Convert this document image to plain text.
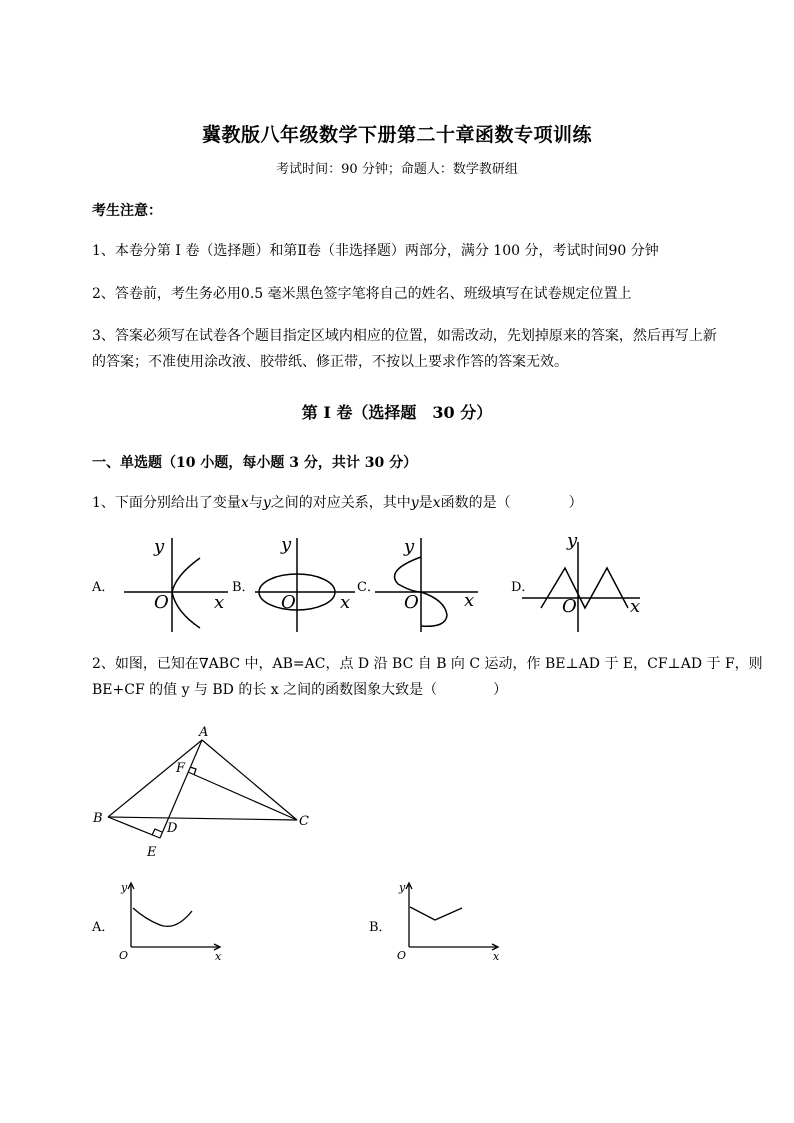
冀教版八年级数学下册第二十章函数专项训练
考试时间：90 分钟；命题人：数学教研组
考生注意：
1、本卷分第 I 卷（选择题）和第Ⅱ卷（非选择题）两部分，满分 100 分，考试时间90 分钟
2、答卷前，考生务必用0.5 毫米黑色签字笔将自己的姓名、班级填写在试卷规定位置上
3、答案必须写在试卷各个题目指定区域内相应的位置，如需改动，先划掉原来的答案，然后再写上新
的答案；不准使用涂改液、胶带纸、修正带，不按以上要求作答的答案无效。
第 I 卷（选择题　30 分）
一、单选题（10 小题，每小题 3 分，共计 30 分）
1、下面分别给出了变量x与y之间的对应关系，其中y是x函数的是（	）
A．	B．	C．	D．
y
x
O
y
x
O
y
x
O
y
x
O
2、如图，已知在∇ABC 中，AB=AC，点 D 沿 BC 自 B 向 C 运动，作 BE⊥AD 于 E，CF⊥AD 于 F，则
BE+CF 的值 y 与 BD 的长 x 之间的函数图象大致是（　　　　）
A
F
B
D	C
E
A．	B．
y
x
O
y
x
O
